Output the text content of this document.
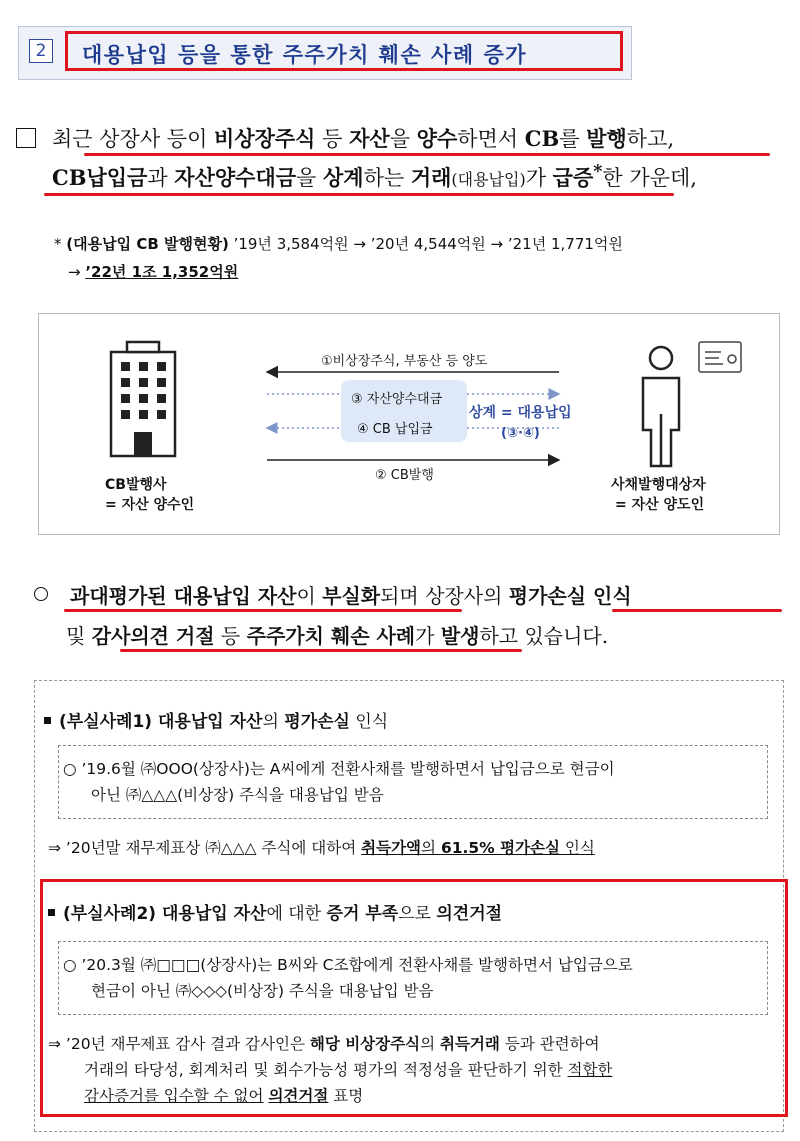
2	대용납입 등을 통한 주주가치 훼손 사례 증가
최근 상장사 등이 비상장주식 등 자산을 양수하면서 CB를 발행하고,
CB납입금과 자산양수대금을 상계하는 거래(대용납입)가 급증*한 가운데,
* (대용납입 CB 발행현황) ’19년 3,584억원 → ’20년 4,544억원 → ’21년 1,771억원
→ ’22년 1조 1,352억원
①비상장주식, 부동산 등 양도
③ 자산양수대금
④ CB 납입금
상계 = 대용납입
(③·④)
② CB발행
CB발행사
= 자산 양수인
사채발행대상자
= 자산 양도인
과대평가된 대용납입 자산이 부실화되며 상장사의 평가손실 인식
및 감사의견 거절 등 주주가치 훼손 사례가 발생하고 있습니다.
(부실사례1) 대용납입 자산의 평가손실 인식
○ ’19.6월 ㈜OOO(상장사)는 A씨에게 전환사채를 발행하면서 납입금으로 현금이
아닌 ㈜△△△(비상장) 주식을 대용납입 받음
⇒ ’20년말 재무제표상 ㈜△△△ 주식에 대하여 취득가액의 61.5% 평가손실 인식
(부실사례2) 대용납입 자산에 대한 증거 부족으로 의견거절
○ ’20.3월 ㈜□□□(상장사)는 B씨와 C조합에게 전환사채를 발행하면서 납입금으로
현금이 아닌 ㈜◇◇◇(비상장) 주식을 대용납입 받음
⇒ ’20년 재무제표 감사 결과 감사인은 해당 비상장주식의 취득거래 등과 관련하여
거래의 타당성, 회계처리 및 회수가능성 평가의 적정성을 판단하기 위한 적합한
감사증거를 입수할 수 없어 의견거절 표명
